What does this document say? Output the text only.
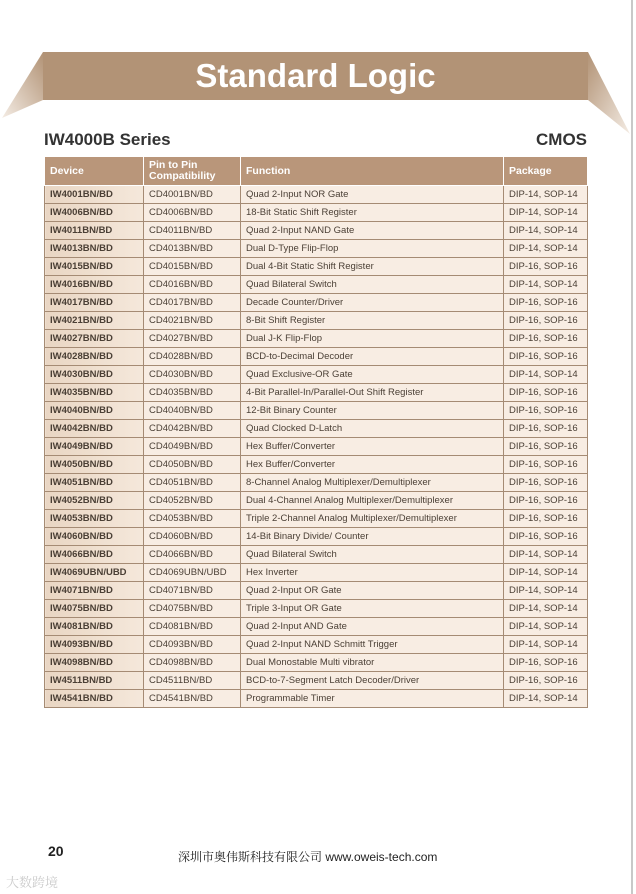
Standard Logic
IW4000B Series	CMOS
Device	Pin to Pin Compatibility	Function	Package
IW4001BN/BD	CD4001BN/BD	Quad 2-Input NOR Gate	DIP-14, SOP-14
IW4006BN/BD	CD4006BN/BD	18-Bit Static Shift Register	DIP-14, SOP-14
IW4011BN/BD	CD4011BN/BD	Quad 2-Input NAND Gate	DIP-14, SOP-14
IW4013BN/BD	CD4013BN/BD	Dual D-Type Flip-Flop	DIP-14, SOP-14
IW4015BN/BD	CD4015BN/BD	Dual 4-Bit Static Shift Register	DIP-16, SOP-16
IW4016BN/BD	CD4016BN/BD	Quad Bilateral Switch	DIP-14, SOP-14
IW4017BN/BD	CD4017BN/BD	Decade Counter/Driver	DIP-16, SOP-16
IW4021BN/BD	CD4021BN/BD	8-Bit Shift Register	DIP-16, SOP-16
IW4027BN/BD	CD4027BN/BD	Dual J-K Flip-Flop	DIP-16, SOP-16
IW4028BN/BD	CD4028BN/BD	BCD-to-Decimal Decoder	DIP-16, SOP-16
IW4030BN/BD	CD4030BN/BD	Quad Exclusive-OR Gate	DIP-14, SOP-14
IW4035BN/BD	CD4035BN/BD	4-Bit Parallel-In/Parallel-Out Shift Register	DIP-16, SOP-16
IW4040BN/BD	CD4040BN/BD	12-Bit Binary Counter	DIP-16, SOP-16
IW4042BN/BD	CD4042BN/BD	Quad Clocked D-Latch	DIP-16, SOP-16
IW4049BN/BD	CD4049BN/BD	Hex Buffer/Converter	DIP-16, SOP-16
IW4050BN/BD	CD4050BN/BD	Hex Buffer/Converter	DIP-16, SOP-16
IW4051BN/BD	CD4051BN/BD	8-Channel Analog Multiplexer/Demultiplexer	DIP-16, SOP-16
IW4052BN/BD	CD4052BN/BD	Dual 4-Channel Analog Multiplexer/Demultiplexer	DIP-16, SOP-16
IW4053BN/BD	CD4053BN/BD	Triple 2-Channel Analog Multiplexer/Demultiplexer	DIP-16, SOP-16
IW4060BN/BD	CD4060BN/BD	14-Bit Binary Divide/ Counter	DIP-16, SOP-16
IW4066BN/BD	CD4066BN/BD	Quad Bilateral Switch	DIP-14, SOP-14
IW4069UBN/UBD	CD4069UBN/UBD	Hex Inverter	DIP-14, SOP-14
IW4071BN/BD	CD4071BN/BD	Quad 2-Input OR Gate	DIP-14, SOP-14
IW4075BN/BD	CD4075BN/BD	Triple 3-Input OR Gate	DIP-14, SOP-14
IW4081BN/BD	CD4081BN/BD	Quad 2-Input AND Gate	DIP-14, SOP-14
IW4093BN/BD	CD4093BN/BD	Quad 2-Input NAND Schmitt Trigger	DIP-14, SOP-14
IW4098BN/BD	CD4098BN/BD	Dual Monostable Multi vibrator	DIP-16, SOP-16
IW4511BN/BD	CD4511BN/BD	BCD-to-7-Segment Latch Decoder/Driver	DIP-16, SOP-16
IW4541BN/BD	CD4541BN/BD	Programmable Timer	DIP-14, SOP-14
20	深圳市奥伟斯科技有限公司 www.oweis-tech.com
大数跨境
